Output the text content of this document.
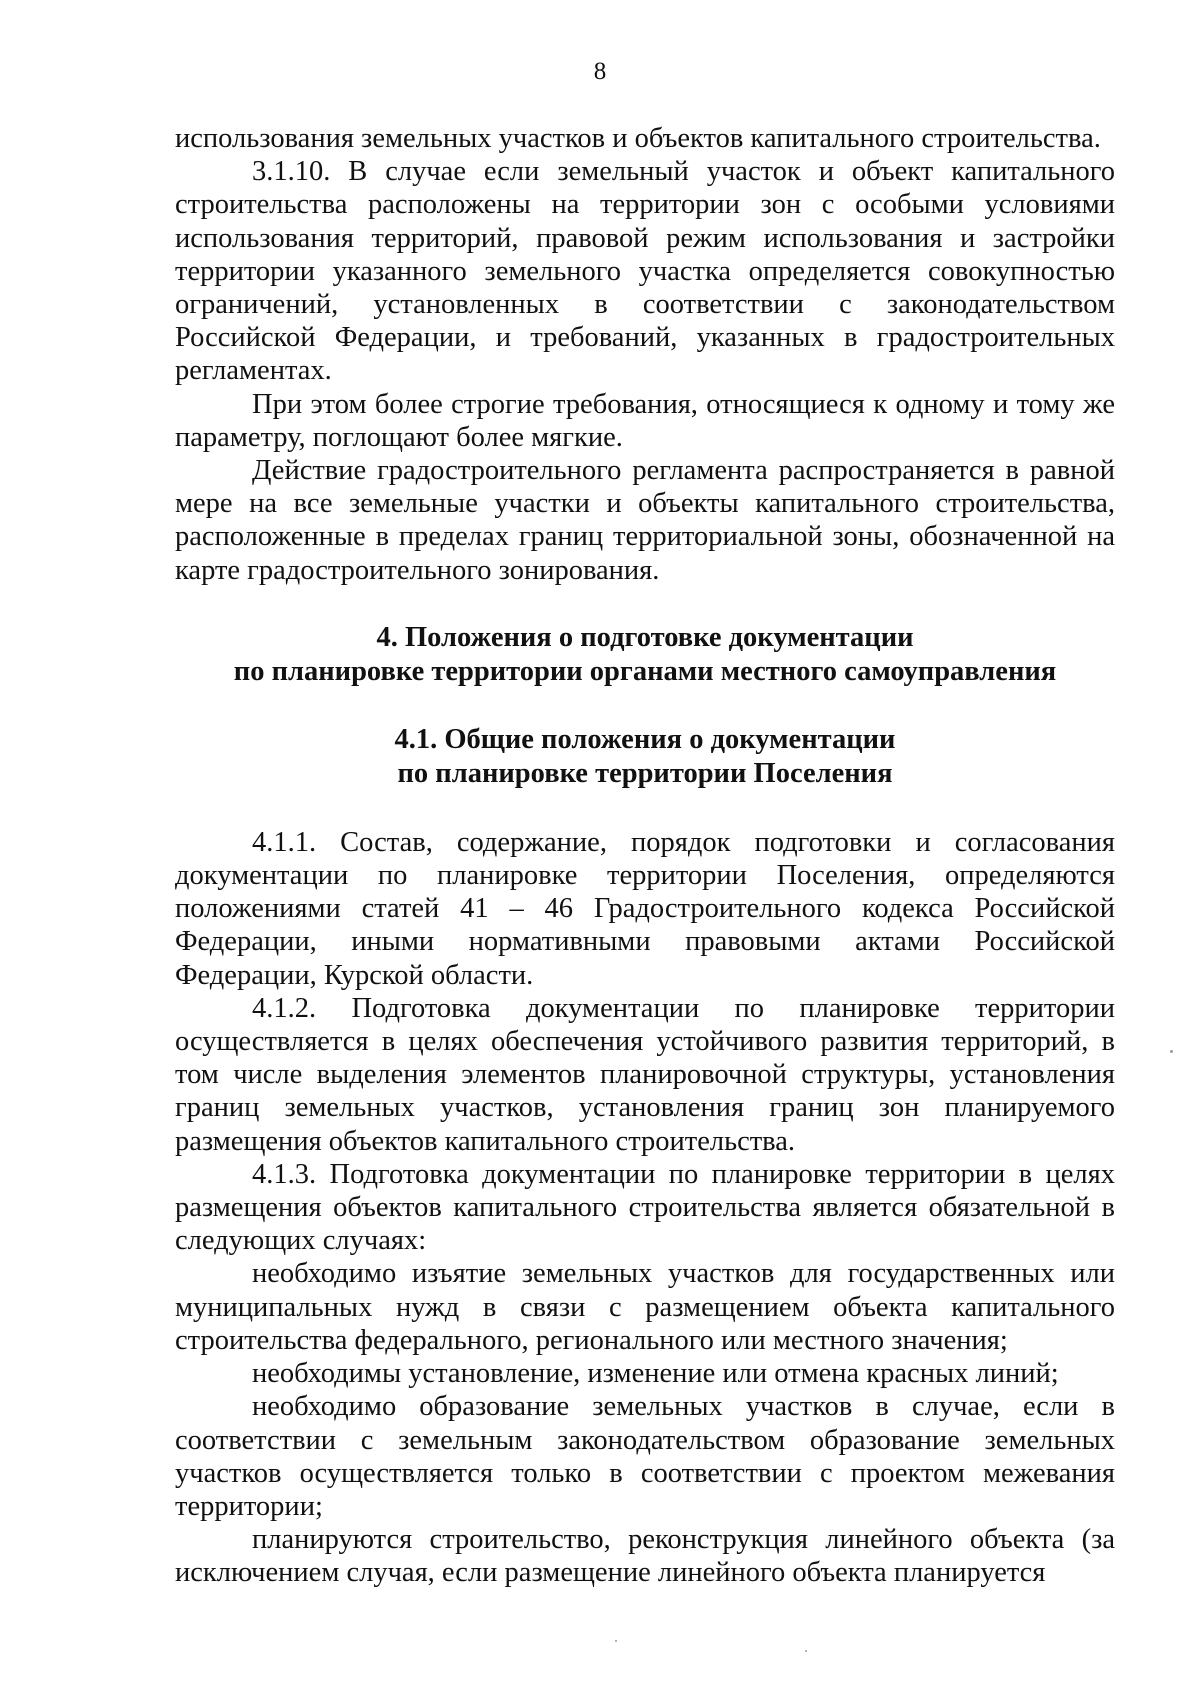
8

использования земельных участков и объектов капитального строительства.

3.1.10. В случае если земельный участок и объект капитального строительства расположены на территории зон с особыми условиями использования территорий, правовой режим использования и застройки территории указанного земельного участка определяется совокупностью ограничений, установленных в соответствии с законодательством Российской Федерации, и требований, указанных в градостроительных регламентах.

При этом более строгие требования, относящиеся к одному и тому же параметру, поглощают более мягкие.

Действие градостроительного регламента распространяется в равной мере на все земельные участки и объекты капитального строительства, расположенные в пределах границ территориальной зоны, обозначенной на карте градостроительного зонирования.

4. Положения о подготовке документации

по планировке территории органами местного самоуправления

4.1. Общие положения о документации

по планировке территории Поселения

4.1.1. Состав, содержание, порядок подготовки и согласования документации по планировке территории Поселения, определяются положениями статей 41 – 46 Градостроительного кодекса Российской Федерации, иными нормативными правовыми актами Российской Федерации, Курской области.

4.1.2. Подготовка документации по планировке территории осуществляется в целях обеспечения устойчивого развития территорий, в том числе выделения элементов планировочной структуры, установления границ земельных участков, установления границ зон планируемого размещения объектов капитального строительства.

4.1.3. Подготовка документации по планировке территории в целях размещения объектов капитального строительства является обязательной в следующих случаях:

необходимо изъятие земельных участков для государственных или муниципальных нужд в связи с размещением объекта капитального строительства федерального, регионального или местного значения;

необходимы установление, изменение или отмена красных линий;

необходимо образование земельных участков в случае, если в соответствии с земельным законодательством образование земельных участков осуществляется только в соответствии с проектом межевания территории;

планируются строительство, реконструкция линейного объекта (за исключением случая, если размещение линейного объекта планируется
